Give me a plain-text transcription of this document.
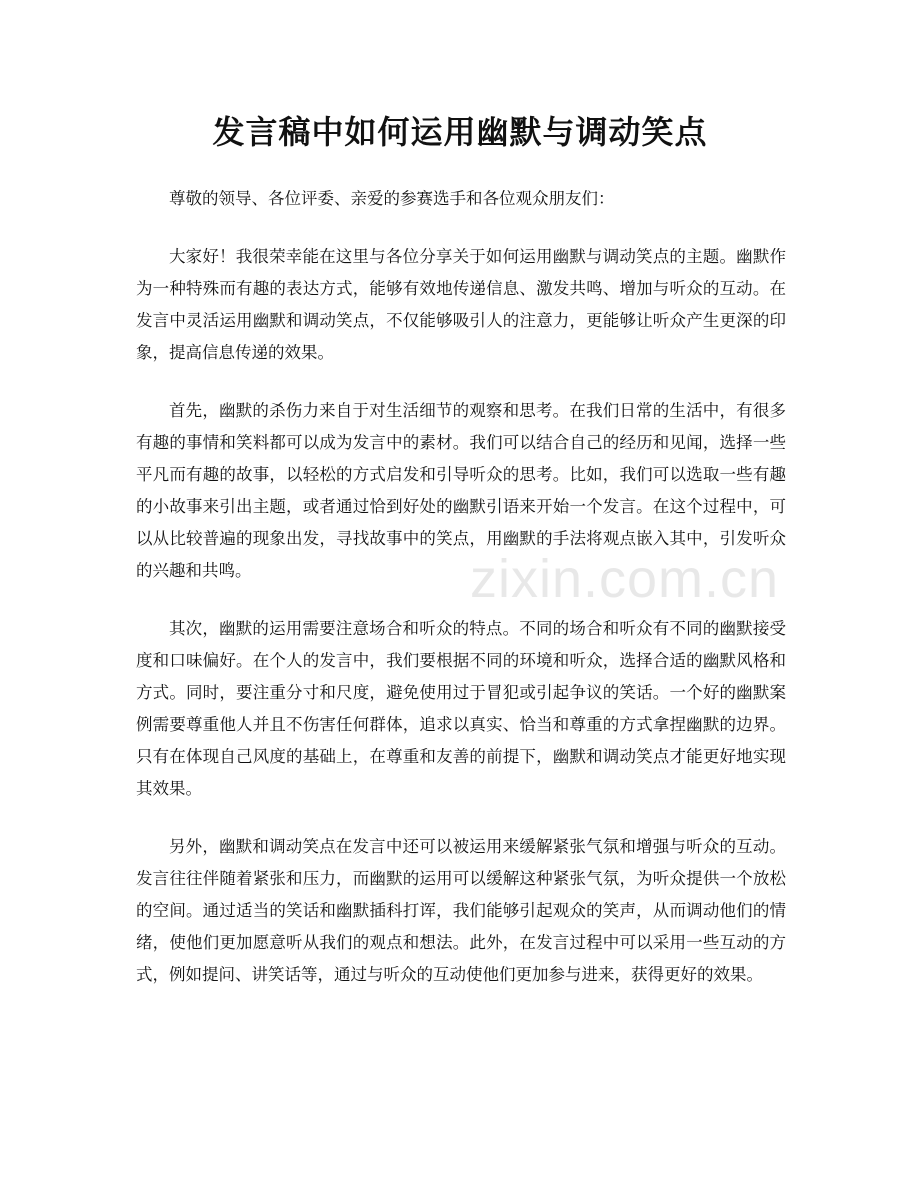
发言稿中如何运用幽默与调动笑点

尊敬的领导、各位评委、亲爱的参赛选手和各位观众朋友们：

大家好！我很荣幸能在这里与各位分享关于如何运用幽默与调动笑点的主题。幽默作为一种特殊而有趣的表达方式，能够有效地传递信息、激发共鸣、增加与听众的互动。在发言中灵活运用幽默和调动笑点，不仅能够吸引人的注意力，更能够让听众产生更深的印象，提高信息传递的效果。

首先，幽默的杀伤力来自于对生活细节的观察和思考。在我们日常的生活中，有很多有趣的事情和笑料都可以成为发言中的素材。我们可以结合自己的经历和见闻，选择一些平凡而有趣的故事，以轻松的方式启发和引导听众的思考。比如，我们可以选取一些有趣的小故事来引出主题，或者通过恰到好处的幽默引语来开始一个发言。在这个过程中，可以从比较普遍的现象出发，寻找故事中的笑点，用幽默的手法将观点嵌入其中，引发听众的兴趣和共鸣。

其次，幽默的运用需要注意场合和听众的特点。不同的场合和听众有不同的幽默接受度和口味偏好。在个人的发言中，我们要根据不同的环境和听众，选择合适的幽默风格和方式。同时，要注重分寸和尺度，避免使用过于冒犯或引起争议的笑话。一个好的幽默案例需要尊重他人并且不伤害任何群体，追求以真实、恰当和尊重的方式拿捏幽默的边界。只有在体现自己风度的基础上，在尊重和友善的前提下，幽默和调动笑点才能更好地实现其效果。

另外，幽默和调动笑点在发言中还可以被运用来缓解紧张气氛和增强与听众的互动。发言往往伴随着紧张和压力，而幽默的运用可以缓解这种紧张气氛，为听众提供一个放松的空间。通过适当的笑话和幽默插科打诨，我们能够引起观众的笑声，从而调动他们的情绪，使他们更加愿意听从我们的观点和想法。此外，在发言过程中可以采用一些互动的方式，例如提问、讲笑话等，通过与听众的互动使他们更加参与进来，获得更好的效果。

zixin.com.cn
